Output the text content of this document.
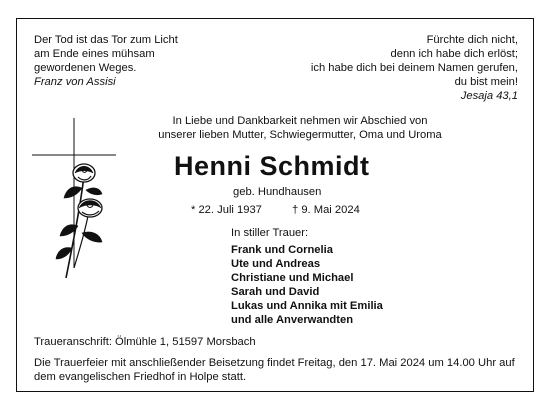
Der Tod ist das Tor zum Licht
am Ende eines mühsam
gewordenen Weges.
Franz von Assisi
Fürchte dich nicht,
denn ich habe dich erlöst;
ich habe dich bei deinem Namen gerufen,
du bist mein!
Jesaja 43,1
In Liebe und Dankbarkeit nehmen wir Abschied von
unserer lieben Mutter, Schwiegermutter, Oma und Uroma
Henni Schmidt
geb. Hundhausen
* 22. Juli 1937	† 9. Mai 2024
In stiller Trauer:
Frank und Cornelia
Ute und Andreas
Christiane und Michael
Sarah und David
Lukas und Annika mit Emilia
und alle Anverwandten
Traueranschrift: Ölmühle 1, 51597 Morsbach
Die Trauerfeier mit anschließender Beisetzung findet Freitag, den 17. Mai 2024 um 14.00 Uhr auf
dem evangelischen Friedhof in Holpe statt.
